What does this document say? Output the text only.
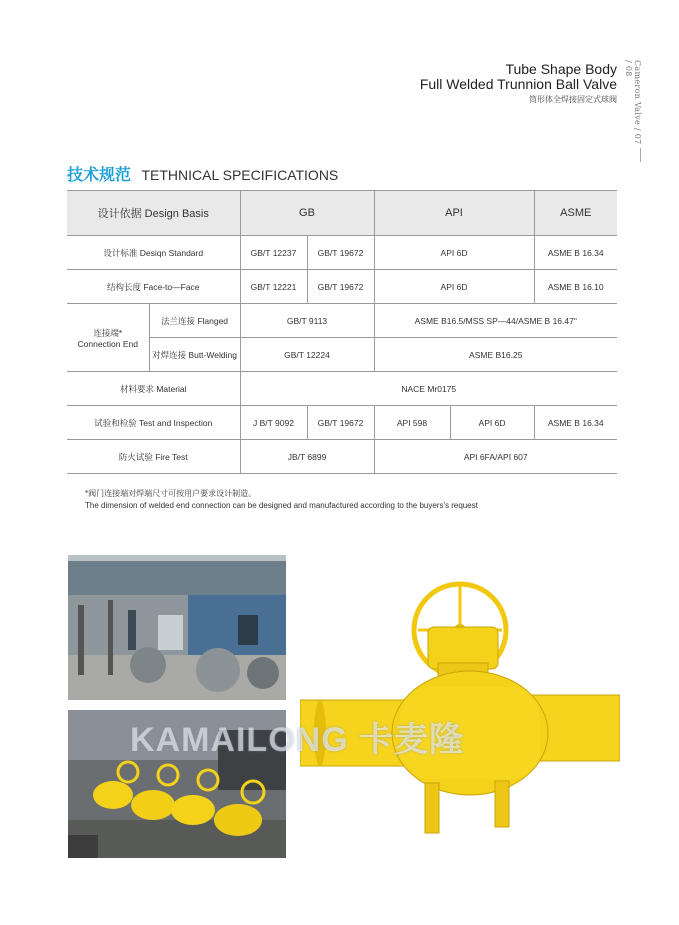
Tube Shape Body
Full Welded Trunnion Ball Valve
筒形体全焊接固定式球阀	Cameron Valve / 07 / 08
技术规范 TETHNICAL SPECIFICATIONS
设计依据 Design Basis		GB		API		ASME
设计标准 Desiqn Standard		GB/T 12237	GB/T 19672	API 6D		ASME B 16.34
结构长度 Face-to—Face		GB/T 12221	GB/T 19672	API 6D		ASME B 16.10

连接端*
Connection End	法兰连接 Flanged	GB/T 9113		ASME B16.5/MSS SP—44/ASME B 16.47"		
	对焊连接 Butt-Welding	GB/T 12224		ASME B16.25		
材料要求 Material		NACE Mr0175				
试验和检验 Test and Inspection		J B/T 9092	GB/T 19672	API 598	API 6D	ASME B 16.34
防火试验 Fire Test		JB/T 6899		API 6FA/API 607		
*阀门连接端对焊端尺寸可按用户要求设计制造。
The dimension of welded end connection can be designed and manufactured according to the buyers's request
KAMAILONG 卡麦隆
